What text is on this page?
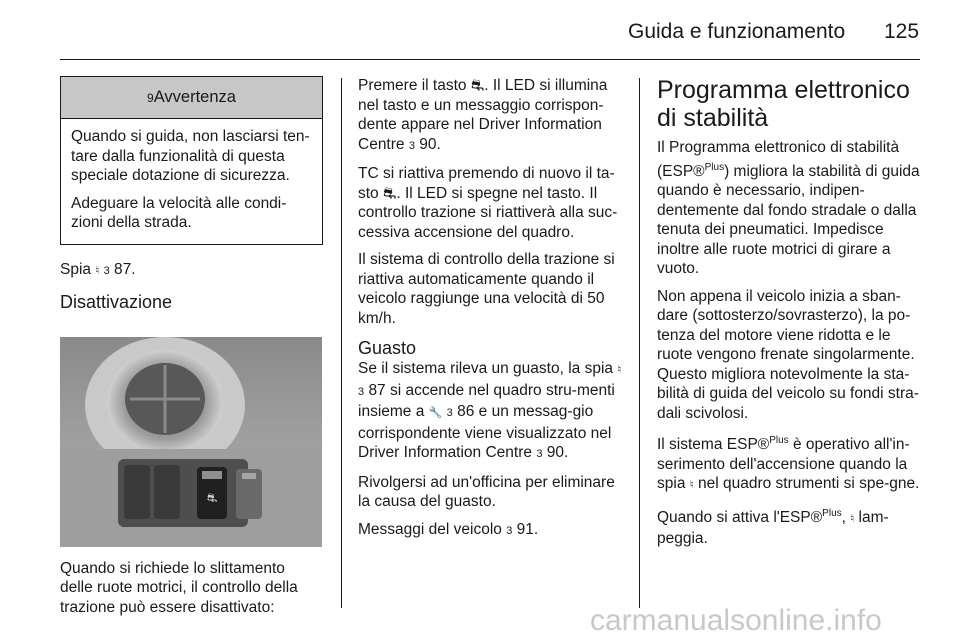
Guida e funzionamento 125
9Avvertenza

Quando si guida, non lasciarsi ten-tare dalla funzionalità di questa speciale dotazione di sicurezza.

Adeguare la velocità alle condi-zioni della strada.

Spia ♮ 3 87.

Disattivazione
⛐

Quando si richiede lo slittamento delle ruote motrici, il controllo della trazione può essere disattivato:

Premere il tasto ⛐. Il LED si illumina nel tasto e un messaggio corrispon-dente appare nel Driver Information Centre 3 90.

TC si riattiva premendo di nuovo il ta-sto ⛐. Il LED si spegne nel tasto. Il controllo trazione si riattiverà alla suc-cessiva accensione del quadro.

Il sistema di controllo della trazione si riattiva automaticamente quando il veicolo raggiunge una velocità di 50 km/h.

Guasto

Se il sistema rileva un guasto, la spia ♮ 3 87 si accende nel quadro stru-menti insieme a 🔧 3 86 e un messag-gio corrispondente viene visualizzato nel Driver Information Centre 3 90.

Rivolgersi ad un'officina per eliminare la causa del guasto.

Messaggi del veicolo 3 91.

Programma elettronico di stabilità

Il Programma elettronico di stabilità (ESP®$^{Plus}$) migliora la stabilità di guida quando è necessario, indipen-dentemente dal fondo stradale o dalla tenuta dei pneumatici. Impedisce inoltre alle ruote motrici di girare a vuoto.

Non appena il veicolo inizia a sban-dare (sottosterzo/sovrasterzo), la po-tenza del motore viene ridotta e le ruote vengono frenate singolarmente. Questo migliora notevolmente la sta-bilità di guida del veicolo su fondi stra-dali scivolosi.

Il sistema ESP®$^{Plus}$ è operativo all'in-serimento dell'accensione quando la spia ♮ nel quadro strumenti si spe-gne.

Quando si attiva l'ESP®$^{Plus}$, ♮ lam-peggia.

carmanualsonline.info
